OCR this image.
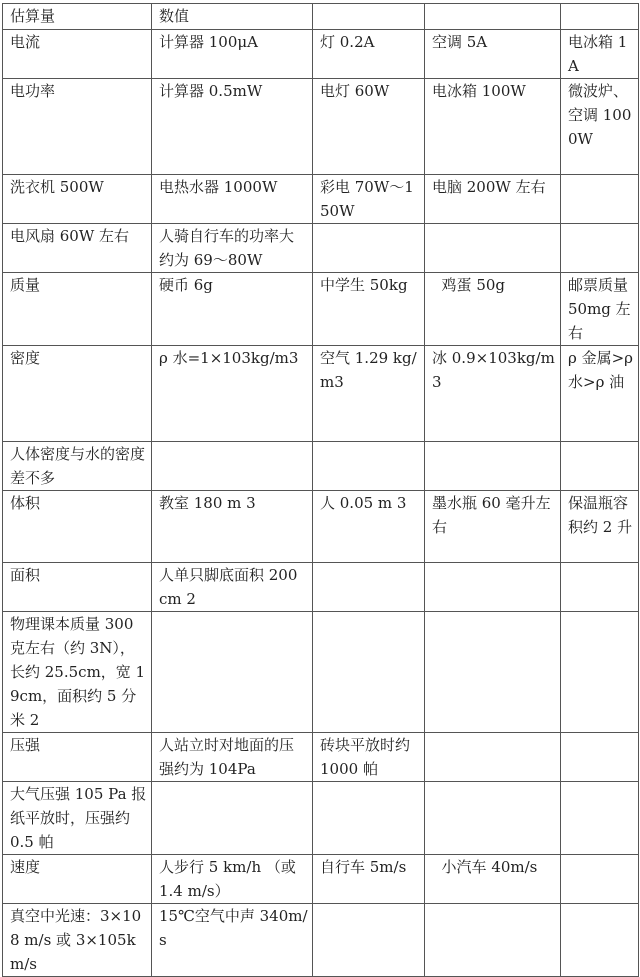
估算量	数值			
电流	计算器 100μA	灯 0.2A	空调 5A	电冰箱 1A
电功率	计算器 0.5mW	电灯 60W	电冰箱 100W	微波炉、空调 1000W
洗衣机 500W	电热水器 1000W	彩电 70W～150W	电脑 200W 左右	
电风扇 60W 左右	人骑自行车的功率大约为 69～80W			
质量	硬币 6g	中学生 50kg	鸡蛋 50g	邮票质量 50mg 左右
密度	ρ 水=1×103kg/m3	空气 1.29 kg/m3	冰 0.9×103kg/m3	ρ 金属>ρ 水>ρ 油
人体密度与水的密度差不多				
体积	教室 180 m 3	人 0.05 m 3	墨水瓶 60 毫升左右	保温瓶容积约 2 升
面积	人单只脚底面积 200 cm 2			
物理课本质量 300 克左右（约 3N），长约 25.5cm，宽 19cm，面积约 5 分米 2				
压强	人站立时对地面的压强约为 104Pa	砖块平放时约 1000 帕		
大气压强 105 Pa 报纸平放时，压强约 0.5 帕				
速度	人步行 5 km/h （或 1.4 m/s）	自行车 5m/s	小汽车 40m/s	
真空中光速：3×108 m/s 或 3×105km/s	15℃空气中声 340m/s			
